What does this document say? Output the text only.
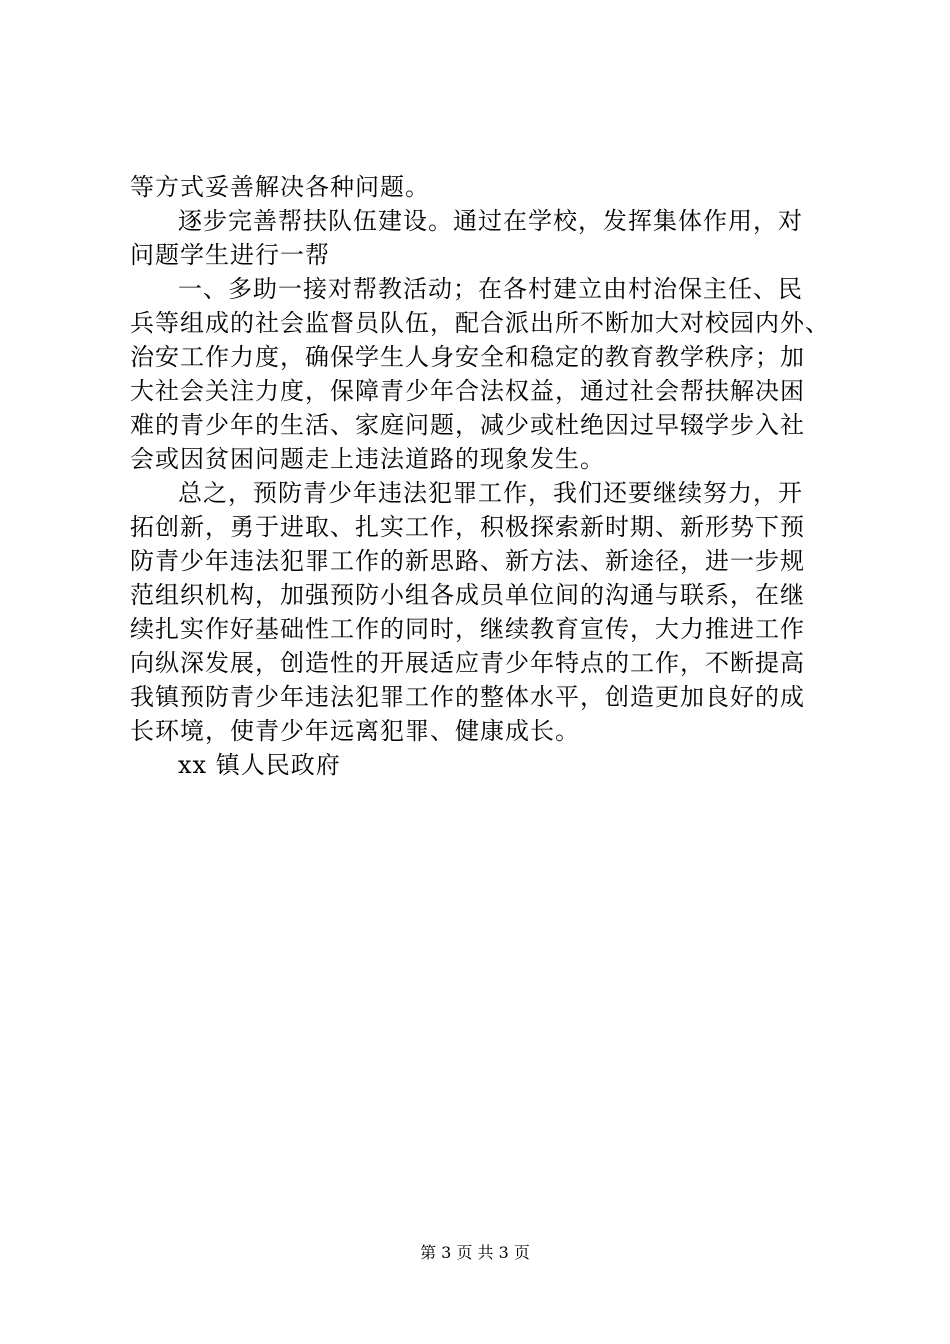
等方式妥善解决各种问题。
逐步完善帮扶队伍建设。通过在学校，发挥集体作用，对
问题学生进行一帮
一、多助一接对帮教活动；在各村建立由村治保主任、民
兵等组成的社会监督员队伍，配合派出所不断加大对校园内外、
治安工作力度，确保学生人身安全和稳定的教育教学秩序；加
大社会关注力度，保障青少年合法权益，通过社会帮扶解决困
难的青少年的生活、家庭问题，减少或杜绝因过早辍学步入社
会或因贫困问题走上违法道路的现象发生。
总之，预防青少年违法犯罪工作，我们还要继续努力，开
拓创新，勇于进取、扎实工作，积极探索新时期、新形势下预
防青少年违法犯罪工作的新思路、新方法、新途径，进一步规
范组织机构，加强预防小组各成员单位间的沟通与联系，在继
续扎实作好基础性工作的同时，继续教育宣传，大力推进工作
向纵深发展，创造性的开展适应青少年特点的工作，不断提高
我镇预防青少年违法犯罪工作的整体水平，创造更加良好的成
长环境，使青少年远离犯罪、健康成长。
xx 镇人民政府
第 3 页 共 3 页
